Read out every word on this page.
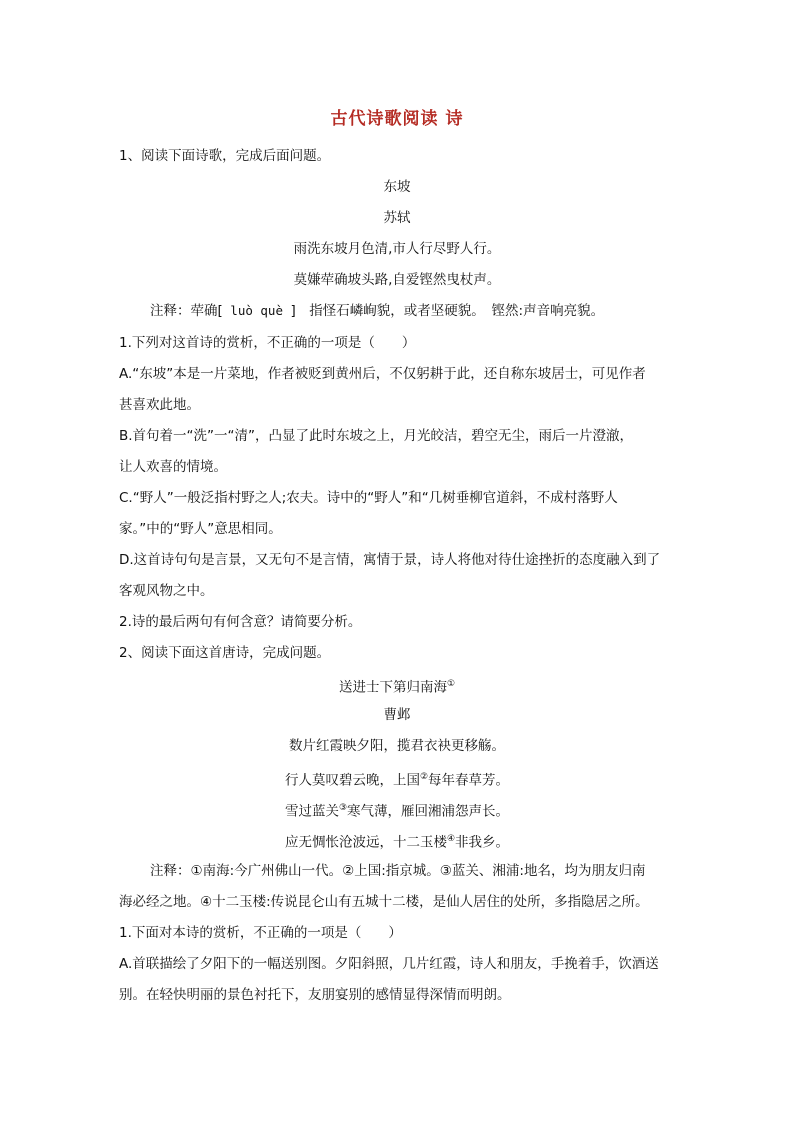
古代诗歌阅读 诗
1、阅读下面诗歌，完成后面问题。
东坡
苏轼
雨洗东坡月色清,市人行尽野人行。
莫嫌荦确坡头路,自爱铿然曳杖声。
注释：荦确[ luò què ]　指怪石嶙峋貌，或者坚硬貌。　铿然:声音响亮貌。
1.下列对这首诗的赏析，不正确的一项是（　　）
A.“东坡”本是一片菜地，作者被贬到黄州后，不仅躬耕于此，还自称东坡居士，可见作者
甚喜欢此地。
B.首句着一“洗”一“清”，凸显了此时东坡之上，月光皎洁，碧空无尘，雨后一片澄澈，
让人欢喜的情境。
C.“野人”一般泛指村野之人;农夫。诗中的“野人”和“几树垂柳官道斜，不成村落野人
家。”中的“野人”意思相同。
D.这首诗句句是言景，又无句不是言情，寓情于景，诗人将他对待仕途挫折的态度融入到了
客观风物之中。
2.诗的最后两句有何含意？请简要分析。
2、阅读下面这首唐诗，完成问题。
送进士下第归南海①
曹邺
数片红霞映夕阳，揽君衣袂更移觞。
行人莫叹碧云晚，上国②每年春草芳。
雪过蓝关③寒气薄，雁回湘浦怨声长。
应无惆怅沧波远，十二玉楼④非我乡。
注释：①南海:今广州佛山一代。②上国:指京城。③蓝关、湘浦:地名，均为朋友归南
海必经之地。④十二玉楼:传说昆仑山有五城十二楼，是仙人居住的处所，多指隐居之所。
1.下面对本诗的赏析，不正确的一项是（　　）
A.首联描绘了夕阳下的一幅送别图。夕阳斜照，几片红霞，诗人和朋友，手挽着手，饮酒送
别。在轻快明丽的景色衬托下，友朋宴别的感情显得深情而明朗。
